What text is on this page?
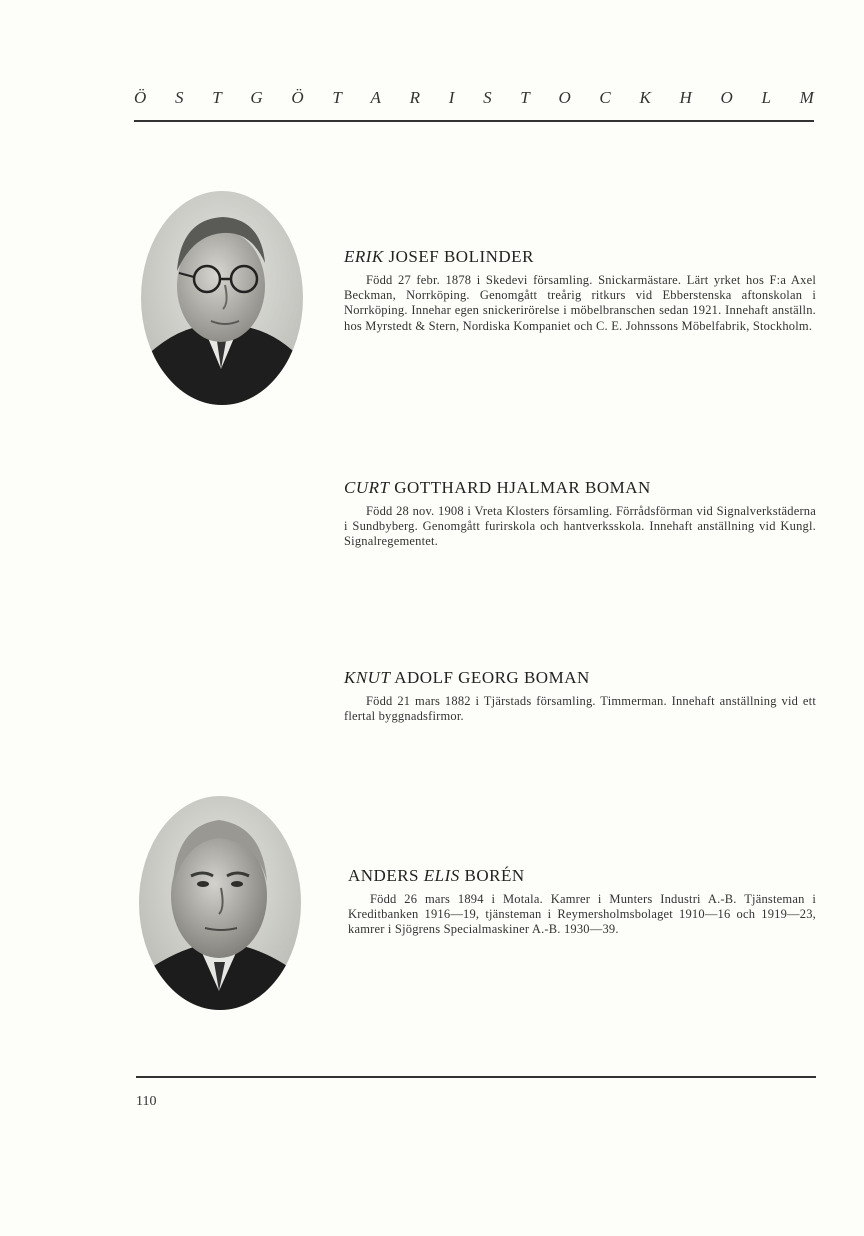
Ö S T G Ö T A R I S T O C K H O L M
ERIK JOSEF BOLINDER
Född 27 febr. 1878 i Skedevi församling. Snickarmästare. Lärt yrket hos F:a Axel Beckman, Norrköping. Genomgått treårig ritkurs vid Ebberstenska aftonskolan i Norrköping. Innehar egen snickerirörelse i möbelbranschen sedan 1921. Innehaft anställn. hos Myrstedt & Stern, Nordiska Kompaniet och C. E. Johnssons Möbelfabrik, Stockholm.
CURT GOTTHARD HJALMAR BOMAN
Född 28 nov. 1908 i Vreta Klosters församling. Förrådsförman vid Signalverkstäderna i Sundbyberg. Genomgått furirskola och hantverksskola. Innehaft anställning vid Kungl. Signalregementet.
KNUT ADOLF GEORG BOMAN
Född 21 mars 1882 i Tjärstads församling. Timmerman. Innehaft anställning vid ett flertal byggnadsfirmor.
ANDERS ELIS BORÉN
Född 26 mars 1894 i Motala. Kamrer i Munters Industri A.-B. Tjänsteman i Kreditbanken 1916—19, tjänsteman i Reymersholmsbolaget 1910—16 och 1919—23, kamrer i Sjögrens Specialmaskiner A.-B. 1930—39.
110
